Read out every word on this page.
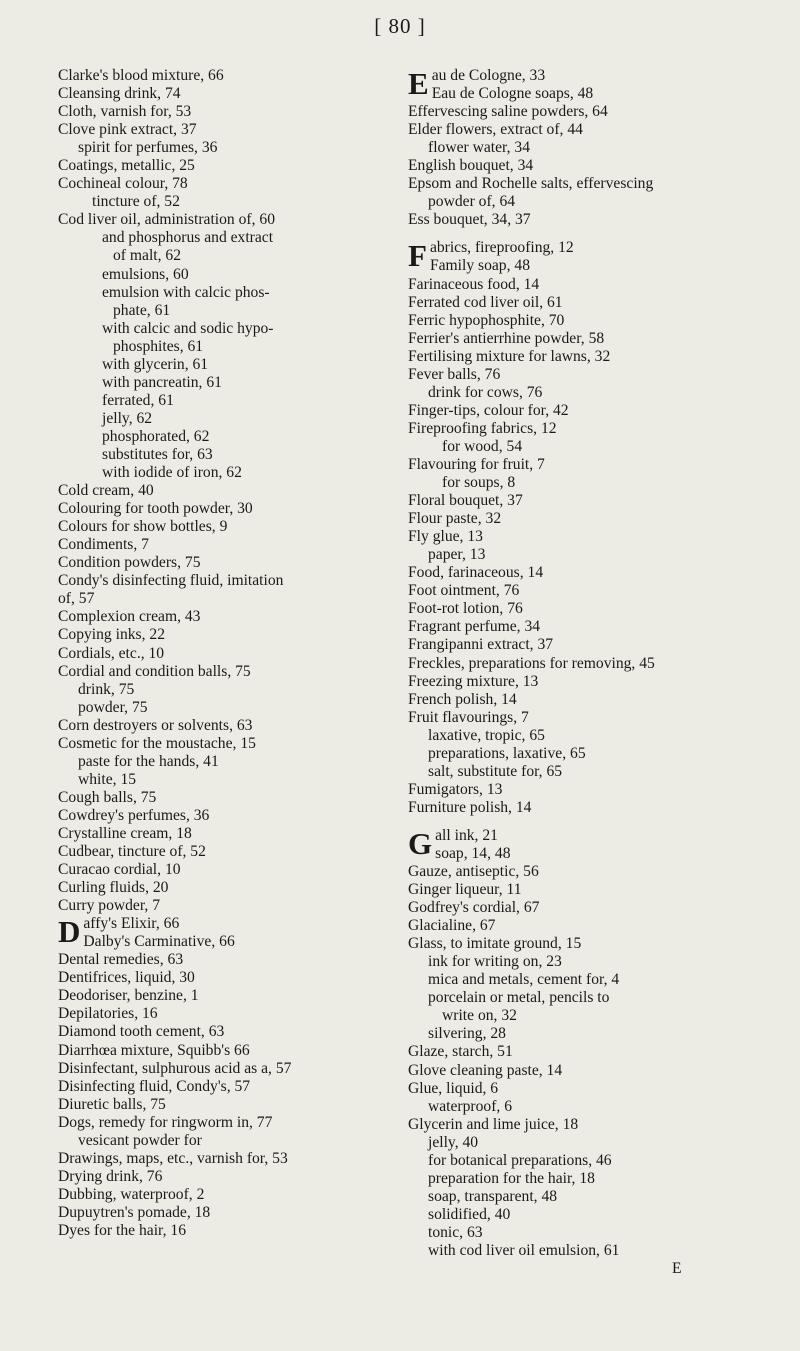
[ 80 ]
Clarke's blood mixture, 66
Cleansing drink, 74
Cloth, varnish for, 53
Clove pink extract, 37
spirit for perfumes, 36
Coatings, metallic, 25
Cochineal colour, 78
tincture of, 52
Cod liver oil, administration of, 60
and phosphorus and extract
of malt, 62
emulsions, 60
emulsion with calcic phos-
phate, 61
with calcic and sodic hypo-
phosphites, 61
with glycerin, 61
with pancreatin, 61
ferrated, 61
jelly, 62
phosphorated, 62
substitutes for, 63
with iodide of iron, 62
Cold cream, 40
Colouring for tooth powder, 30
Colours for show bottles, 9
Condiments, 7
Condition powders, 75
Condy's disinfecting fluid, imitation
of, 57
Complexion cream, 43
Copying inks, 22
Cordials, etc., 10
Cordial and condition balls, 75
drink, 75
powder, 75
Corn destroyers or solvents, 63
Cosmetic for the moustache, 15
paste for the hands, 41
white, 15
Cough balls, 75
Cowdrey's perfumes, 36
Crystalline cream, 18
Cudbear, tincture of, 52
Curacao cordial, 10
Curling fluids, 20
Curry powder, 7
D affy's Elixir, 66
Dalby's Carminative, 66
Dental remedies, 63
Dentifrices, liquid, 30
Deodoriser, benzine, 1
Depilatories, 16
Diamond tooth cement, 63
Diarrhœa mixture, Squibb's 66
Disinfectant, sulphurous acid as a, 57
Disinfecting fluid, Condy's, 57
Diuretic balls, 75
Dogs, remedy for ringworm in, 77
vesicant powder for
Drawings, maps, etc., varnish for, 53
Drying drink, 76
Dubbing, waterproof, 2
Dupuytren's pomade, 18
Dyes for the hair, 16
E au de Cologne, 33
Eau de Cologne soaps, 48
Effervescing saline powders, 64
Elder flowers, extract of, 44
flower water, 34
English bouquet, 34
Epsom and Rochelle salts, effervescing
powder of, 64
Ess bouquet, 34, 37
F abrics, fireproofing, 12
Family soap, 48
Farinaceous food, 14
Ferrated cod liver oil, 61
Ferric hypophosphite, 70
Ferrier's antierrhine powder, 58
Fertilising mixture for lawns, 32
Fever balls, 76
drink for cows, 76
Finger-tips, colour for, 42
Fireproofing fabrics, 12
for wood, 54
Flavouring for fruit, 7
for soups, 8
Floral bouquet, 37
Flour paste, 32
Fly glue, 13
paper, 13
Food, farinaceous, 14
Foot ointment, 76
Foot-rot lotion, 76
Fragrant perfume, 34
Frangipanni extract, 37
Freckles, preparations for removing, 45
Freezing mixture, 13
French polish, 14
Fruit flavourings, 7
laxative, tropic, 65
preparations, laxative, 65
salt, substitute for, 65
Fumigators, 13
Furniture polish, 14
G all ink, 21
soap, 14, 48
Gauze, antiseptic, 56
Ginger liqueur, 11
Godfrey's cordial, 67
Glacialine, 67
Glass, to imitate ground, 15
ink for writing on, 23
mica and metals, cement for, 4
porcelain or metal, pencils to
write on, 32
silvering, 28
Glaze, starch, 51
Glove cleaning paste, 14
Glue, liquid, 6
waterproof, 6
Glycerin and lime juice, 18
jelly, 40
for botanical preparations, 46
preparation for the hair, 18
soap, transparent, 48
solidified, 40
tonic, 63
with cod liver oil emulsion, 61
E
